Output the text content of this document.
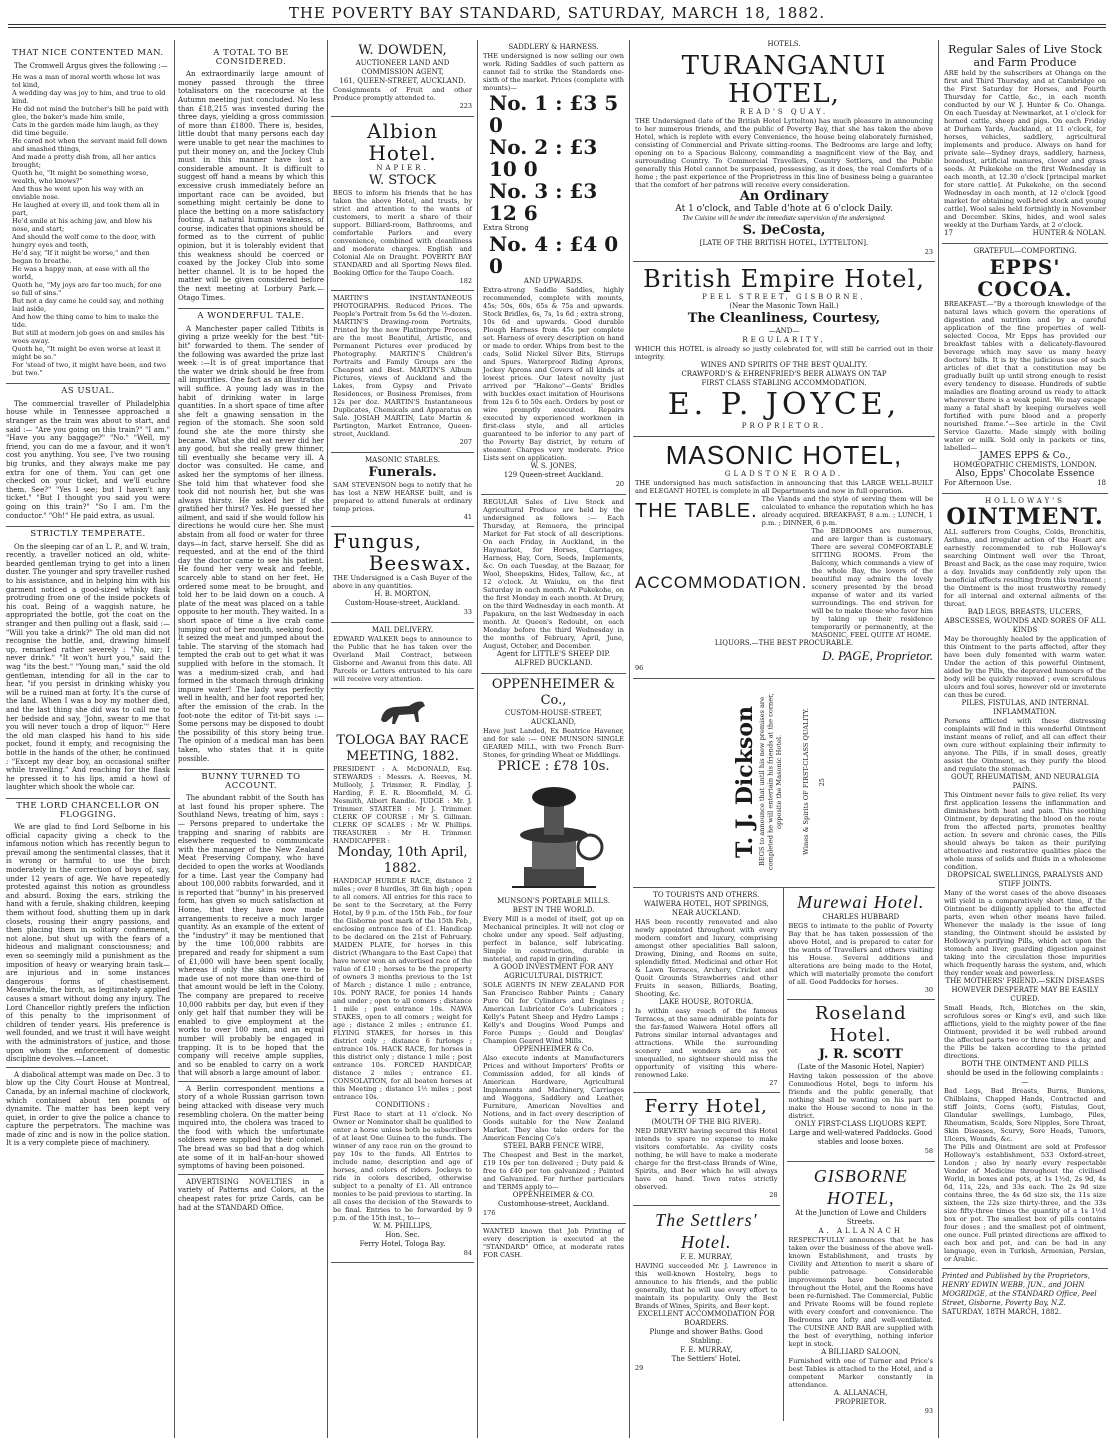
THE POVERTY BAY STANDARD, SATURDAY, MARCH 18, 1882.
THAT NICE CONTENTED MAN.

The Cromwell Argus gives the following :—

He was a man of moral worth whose lot was tol kind,
A wedding day was joy to him, and true to old kind.
He did not mind the butcher's bill he paid with glee, the baker's made him smile,
Cats in the garden made him laugh, as they did time beguile.
He cared not when the servant maid fell down and smashed things,
And made a pretty dish from, all her antics brought;
Quoth he, "It might be something worse, wealth, who knows?"
And thus he went upon his way with an enviable nose.
He laughed at every ill, and took them all in part,
He'd smile at his aching jaw, and blow his nose, and start;
And should the wolf come to the door, with hungry eyes and teeth,
He'd say, "If it might be worse," and then began to breathe.
He was a happy man, at ease with all the world,
Quoth he, "My joys are far too much, for one so full of sins."
But not a day came he could say, and nothing laid aside,
And how the thing came to him to make the tide.
But still at modern job goes on and smiles his woes away.
Quoth he, "It might be even worse at least it might be so."
For 'stead of two, it might have been, and two but two."
AS USUAL.

The commercial traveller of Philadelphia house while in Tennessee approached a stranger as the train was about to start, and said :— "Are you going on this train?" "I am." "Have you any baggage?" "No." "Well, my friend, you can do me a favour, and it won't cost you anything. You see, I've two rousing big trunks, and they always make me pay extra for one of them. You can get one checked on your ticket, and we'll euchre them. See?" "Yes I see; but I haven't any ticket." "But I thought you said you were going on this train?" "So I am. I'm the conductor." "Oh!" He paid extra, as usual.

STRICTLY TEMPERATE.

On the sleeping car of an L. P., and W. train, recently, a traveller noticed an old, white-bearded gentleman trying to get into a linen duster. The younger and spry traveller rushed to his assistance, and in helping him with his garment noticed a good-sized whisky flask protruding from one of the inside pockets of his coat. Being of a waggish nature, he appropriated the bottle, got the coat on the stranger and then pulling out a flask, said :— "Will you take a drink?" The old man did not recognise the bottle, and, drawing himself up, remarked rather severely : "No, sir; I never drink." "It won't hurt you," said the wag "its the best." "Young man," said the old gentleman, intending for all in the car to hear, "if you persist in drinking whisky you will be a ruined man at forty. It's the curse of the land. When I was a boy my mother died, and the last thing she did was to call me to her bedside and say, 'John, swear to me that you will never touch a drop of liquor.'" Here the old man clasped his hand to his side pocket, found it empty, and recognising the bottle in the hands of the other, he continued : "Except my dear boy, an occasional snifter while travelling." And reaching for the flask he pressed it to his lips, amid a howl of laughter which shook the whole car.

THE LORD CHANCELLOR ON FLOGGING.

We are glad to find Lord Selborne in his official capacity giving a check to the infamous notion which has recently begun to prevail among the sentimental classes, that it is wrong or harmful to use the birch moderately in the correction of boys of, say, under 12 years of age. We have repeatedly protested against this notion as groundless and absurd. Boxing the ears, striking the hand with a ferule, shaking children, keeping them without food, shutting them up in dark closets, rousing their angry passions, and then placing them in solitary confinement, not alone, but shut up with the fears of a hideous and malignant consciousness; and even so seemingly mild a punishment as the imposition of heavy or wearying brain task—are injurious and in some instances dangerous forms of chastisement. Meanwhile, the birch, as legitimately applied causes a smart without doing any injury. The Lord Chancellor rightly prefers the infliction of this penalty to the imprisonment of children of tender years. His preference is well founded, and we trust it will have weight with the administrators of justice, and those upon whom the enforcement of domestic discipline devolves.—Lancet.

A diabolical attempt was made on Dec. 3 to blow up the City Court House at Montreal, Canada, by an infernal machine of clockwork, which contained about ten pounds of dynamite. The matter has been kept very quiet, in order to give the police a chance to capture the perpetrators. The machine was made of zinc and is now in the police station. It is a very complete piece of machinery.

A TOTAL TO BE CONSIDERED.

An extraordinarily large amount of money passed through the three totalisators on the racecourse at the Autumn meeting just concluded. No less than £18,215 was invested during the three days, yielding a gross commission of more than £1800. There is, besides, little doubt that many persons each day were unable to get near the machines to put their money on, and the Jockey Club must in this manner have lost a considerable amount. It is difficult to suggest off hand a means by which this excessive crush immediately before an important race can be avoided, but something might certainly be done to place the betting on a more satisfactory footing. A natural human weakness, of course, indicates that opinions should be formed as to the current of public opinion, but it is tolerably evident that this weakness should be coerced or coaxed by the Jockey Club into some better channel. It is to be hoped the matter will be given considered before the next meeting at Lorbury Park.—Otago Times.

A WONDERFUL TALE.

A Manchester paper called Titbits is giving a prize weekly for the best "tit-bit" forwarded to them. The sender of the following was awarded the prize last week :—It is of great importance that the water we drink should be free from all impurities. One fact as an illustration will suffice. A young lady was in the habit of drinking water in large quantities. In a short space of time after she felt a gnawing sensation in the region of the stomach. She soon sold found she ate the more thirsty she became. What she did eat never did her any good, but she really grew thinner, till eventually she became very ill. A doctor was consulted. He came, and asked her the symptoms of her illness. She told him that whatever food she took did not nourish her, but she was always thirsty. He asked her if she gratified her thirst? Yes. He guessed her ailment, and said if she would follow his directions he would cure her. She must abstain from all food or water for three days—in fact, starve herself. She did as requested, and at the end of the third day the doctor came to see his patient. He found her very weak and feeble, scarcely able to stand on her feet. He ordered some meat to be brought, and told her to be laid down on a couch. A plate of the meat was placed on a table opposite to her mouth. They waited. In a short space of time a live crab came jumping out of her mouth, seeking food. It seized the meat and jumped about the table. The starving of the stomach had tempted the crab out to get what it was supplied with before in the stomach. It was a medium-sized crab, and had formed in the stomach through drinking impure water! The lady was perfectly well in health, and her foot reported her, after the emission of the crab. In the foot-note the editor of Tit-bit says :— Some persons may be disposed to doubt the possibility of this story being true. The opinion of a medical man has been taken, who states that it is quite possible.

BUNNY TURNED TO ACCOUNT.

The abundant rabbit of the South has at last found his proper sphere. The Southland News, treating of him, says :— Persons prepared to undertake the trapping and snaring of rabbits are elsewhere requested to communicate with the manager of the New Zealand Meat Preserving Company, who have decided to open the works at Woodlands for a time. Last year the Company had about 100,000 rabbits forwarded, and it is reported that "bunny" in his preserved form, has given so much satisfaction at Home, that they have now made arrangements to receive a much larger quantity. As an example of the extent of the "industry" it may be mentioned that by the time 100,000 rabbits are prepared and ready for shipment a sum of £1,000 will have been spent locally, whereas if only the skins were to be made use of not more than one-third of that amount would be left in the Colony. The company are prepared to receive 10,000 rabbits per day, but even if they only get half that number they will be enabled to give employment at the works to over 100 men, and an equal number will probably be engaged in trapping. It is to be hoped that the company will receive ample supplies, and so be enabled to carry on a work that will absorb a large amount of labor.

A Berlin correspondent mentions a story of a whole Russian garrison town being attacked with disease very much resembling cholera. On the matter being inquired into, the cholera was traced to the food with which the unfortunate soldiers were supplied by their colonel. The bread was so bad that a dog which ate some of it in half-an-hour showed symptoms of having been poisoned.

ADVERTISING NOVELTIES in a variety of Patterns and Colors, at the cheapest rates for prize Cards, can be had at the STANDARD Office.

W. DOWDEN,
AUCTIONEER LAND AND COMMISSION AGENT,
161, QUEEN-STREET, AUCKLAND.
Consignments of Fruit and other Produce promptly attended to.
223
Albion Hotel.
NAPIER.
W. STOCK
BEGS to inform his friends that he has taken the above Hotel, and trusts, by strict and attention to the wants of customers, to merit a share of their support. Billiard-room, Bathrooms, and comfortable Parlors and every convenience, combined with cleanliness and moderate charges. English and Colonial Ale on Draught. POVERTY BAY STANDARD and all Sporting News filed. Booking Office for the Taupo Coach.
182
MARTIN'S INSTANTANEOUS PHOTOGRAPHS. Reduced Prices. The People's Portrait from 5s 6d the ½-dozen. MARTIN'S Drawing-room Portraits, Printed by the new Platinotype Process, are the most Beautiful, Artistic, and Permanent Pictures ever produced by Photography. MARTIN'S Children's Portraits and Family Groups are the Cheapest and Best. MARTIN'S Album Pictures, views of Auckland and the Lakes, from Gypsy and Private Residences, or Business Premises, from 12s per doz. MARTIN'S Instantaneous Duplicates, Chemicals and Apparatus on Sale. JOSIAH MARTIN, Late Martin & Partington, Market Entrance, Queen-street, Auckland.
207
MASONIC STABLES.
Funerals.
SAM STEVENSON begs to notify that he has lost a NEW HEARSE built, and is prepared to attend funerals at ordinary temp prices.
41
Fungus,
Beeswax.
THE Undersigned is a Cash Buyer of the above in any quantities.
H. B. MORTON,
Custom-House-street, Auckland.
33
MAIL DELIVERY.
EDWARD WALKER begs to announce to the Public that he has taken over the Overland Mail Contract, between Gisborne and Awanui from this date. All Parcels or Letters entrusted to his care will receive very attention.
TOLOGA BAY RACE MEETING, 1882.
PRESIDENT : A. McDONALD, Esq. STEWARDS : Messrs. A. Reeves, M. Mullooly, J. Trimmer, R. Findlay, J. Harding, F. E. R. Bloomfield, M. G. Nesmith, Albert Randle. JUDGE : Mr. J. Trimmer. STARTER : Mr J. Trimmer. CLERK OF COURSE : Mr S. Gillman. CLERK OF SCALES : Mr W. Phillips. TREASURER : Mr H. Trimmer. HANDICAPPER :
Monday, 10th April, 1882.
HANDICAP HURDLE RACE, distance 2 miles ; over 8 hurdles, 3ft 6in high ; open to all comers. All entries for this race to be sent to the Secretary, at the Ferry Hotel, by 9 p.m. of the 15th Feb., for four the Gisborne post mark of the 15th Feb., enclosing entrance fee of £1. Handicap to be declared on the 21st of February. MAIDEN PLATE, for horses in this district (Whangara to the East Cape) that have never won an advertised race of the value of £10 ; horses to be the property of owners 3 months previous to the 1st of March ; distance 1 mile ; entrance, 10s. PONY RACE, for ponies 14 hands and under ; open to all comers ; distance 1 mile ; post entrance 10s. NAWA STAKES, open to all comers ; weight for age ; distance 2 miles ; entrance £1. FLYING STAKES, for horses in this district only ; distance 6 furlongs ; entrance 10s. HACK RACE, for horses in this district only ; distance 1 mile ; post entrance 10s. FORCED HANDICAP, distance 2 miles ; entrance £1. CONSOLATION, for all beaten horses at this Meeting ; distance 1½ miles ; post entrance 10s.
CONDITIONS :
First Race to start at 11 o'clock. No Owner or Nominator shall be qualified to enter a horse unless both be subscribers of at least One Guinea to the funds. The winner of any race run on the ground to pay 10s to the funds. All Entries to include name, description and age of horses, and colors of riders. Jockeys to ride in colors described, otherwise subject to a penalty of £1. All entrance monies to be paid previous to starting. In all cases the decision of the Stewards to be final. Entries to be forwarded by 9 p.m. of the 15th inst., to—
W. M. PHILLIPS,
Hon. Sec.
Ferry Hotel, Tologa Bay.
84
SADDLERY & HARNESS.
THE undersigned is now selling our own work. Riding Saddles of such pattern as cannot fail to strike the Standards one-sixth of the market. Prices (complete with mounts)—
No. 1 : £3 5 0
No. 2 : £3 10 0
No. 3 : £3 12 6
Extra Strong
No. 4 : £4 0 0
AND UPWARDS.
Extra-strong Saddle Saddles, highly recommended, complete with mounts, 45s; 50s, 60s, 65s & 75s and upwards. Stock Bridles, 6s, 7s, 1s 6d ; extra strong, 10s 6d and upwards. Good durable Plough Harness from 45s per complete set. Harness of every description on hand or made to order. Whips from best to the cads, Solid Nickel Silver Bits, Stirrups and Spurs. Waterproof Riding Aprons, Jockey Aprons and Covers of all kinds at lowest prices. Our latest novelty just arrived per "Hakono"—Gents' Bridles with buckles exact imitation of Hourisons from 12s 6 to 50s each. Orders by post or wire promptly executed. Repairs executed by experienced workmen in first-class style, and all articles guaranteed to be inferior to any part of the Poverty Bay district, by return of steamer. Charges very moderate. Price Lists sent on application.
W. S. JONES,
129 Queen-street Auckland.
20
REGULAR Sales of Live Stock and Agricultural Produce are held by the undersigned as follows :— Each Thursday, at Remuera, the principal Market for Fat stock of all descriptions. On each Friday, in Auckland, in the Haymarket, for Horses, Carriages, Harness, Hay, Corn, Seeds, Implements, &c. On each Tuesday, at the Bazaar, for Wool, Sheepskins, Hides, Tallow, &c., at 12 o'clock. At Waiuku, on the first Saturday in each month. At Pukekohe, on the first Monday in each month. At Drury, on the third Wednesday in each month. At Papakura, on the last Wednesday in each month. At Queen's Redoubt, on each Monday before the third Wednesday in the months of February, April, June, August, October, and December.
Agent for LITTLE'S SHEEP DIP.
ALFRED BUCKLAND.
OPPENHEIMER & Co.,
CUSTOM-HOUSE-STREET, AUCKLAND,
Have just Landed, Ex Beatrice Havener, and for sale :— ONE MUNSON SINGLE GEARED MILL, with two French Burr-Stones, for grinding Wheat or Middlings.
PRICE : £78 10s.
MUNSON'S PORTABLE MILLS.
BEST IN THE WORLD.
Every Mill is a model of itself, got up on Mechanical principles. It will not clog or choke under any speed. Self adjusting, perfect in balance, self lubricating. Simple in construction, durable in material, and rapid in grinding.
A GOOD INVESTMENT FOR ANY AGRICULTURAL DISTRICT.
SOLE AGENTS IN NEW ZEALAND FOR San Francisco Rubber Paints ; Canary Pure Oil for Cylinders and Engines ; American Lubricator Co's Lubricators ; Kelly's Patent Sheep and Hydro Lamps ; Kelly's and Dougins Wood Pumps and Force Pumps ; Gould and Douglas' Champion Geared Wind Mills.
OPPENHEIMER & Co.
Also execute indents at Manufacturers Prices and without Importers' Profits or Commission added, for all kinds of American Hardware, Agricultural Implements and Machinery, Carriages and Waggons, Saddlery and Leather, Furniture, American Novelties and Notions, and in fact every description of Goods suitable for the New Zealand Market. They also take orders for the American Fencing Co's
STEEL BARB FENCE WIRE,
The Cheapest and Best in the market, £19 10s per ton delivered ; Duty paid & free to £40 per ton galvanized ; Painted and Galvanized. For further particulars and TERMS apply to—
OPPENHEIMER & CO.
Customhouse-street, Auckland.
176
WANTED known that Job Printing of every description is executed at the "STANDARD" Office, at moderate rates FOR CASH.
HOTELS.
TURANGANUI HOTEL,
READ'S QUAY.
THE Undersigned (late of the British Hotel Lyttelton) has much pleasure in announcing to her numerous friends, and the public of Poverty Bay, that she has taken the above Hotel, which is replete with every Convenience, the house being elaborately furnished, consisting of Commercial and Private sitting-rooms. The Bedrooms are large and lofty, opening on to a Spacious Balcony, commanding a magnificent view of the Bay, and surrounding Country. To Commercial Travellers, Country Settlers, and the Public generally this Hotel cannot be surpassed, possessing, as it does, the real Comforts of a home ; the past experience of the Proprietress in this line of business being a guarantee that the comfort of her patrons will receive every consideration.
An Ordinary
At 1 o'clock, and Table d'hote at 6 o'clock Daily.
The Cuisine will be under the immediate supervision of the undersigned.
S. DeCosta,
[LATE OF THE BRITISH HOTEL, LYTTELTON].
23
British Empire Hotel,
PEEL STREET, GISBORNE,
(Near the Masonic Town Hall.)
The Cleanliness, Courtesy,
—AND—
REGULARITY,
WHICH this HOTEL is already so justly celebrated for, will still be carried out in their integrity.
WINES AND SPIRITS OF THE BEST QUALITY.
CRAWFORD'S & EHRENFRIED'S BEER ALWAYS ON TAP
FIRST CLASS STABLING ACCOMMODATION.
E. P. JOYCE,
PROPRIETOR.
MASONIC HOTEL,
GLADSTONE ROAD.
THE undersigned has much satisfaction in announcing that this LARGE WELL-BUILT and ELEGANT HOTEL is complete in all Departments and now in full operation.
THE TABLE.
The Viands and the style of serving them will be calculated to enhance the reputation which he has already acquired. BREAKFAST, 8 a.m. ; LUNCH, 1 p.m. ; DINNER, 6 p.m.
ACCOMMODATION.
The BEDROOMS are numerous, and are larger than is customary. There are several COMFORTABLE SITTING ROOMS. From the Balcony, which commands a view of the whole Bay, the lovers of the beautiful may admire the lovely scenery presented by the broad expanse of water and its varied surroundings. The end striven for will be to make those who favor him by taking up their residence temporarily or permanently, at the MASONIC, FEEL QUITE AT HOME.
LIQUORS.—THE BEST PROCURABLE.
D. PAGE, Proprietor.
96
T. J. Dickson BEGS to announce that until his new premises are completed he will entertain his friends at the corner, opposite the Masonic Hotel.	Wines & Spirits OF FIRST-CLASS QUALITY. 25
TO TOURISTS AND OTHERS.
WAIWERA HOTEL, HOT SPRINGS,
NEAR AUCKLAND.
HAS been recently renovated and also newly appointed throughout with every modern comfort and luxury, comprising amongst other specialities Ball saloon, Drawing, Dining, and Rooms en suite, splendidly fitted. Medicinal and other Hot & Lawn Terraces, Archery, Cricket and Quoit Grounds Strawberries and other Fruits in season, Billiards, Boating, Shooting, &c.
LAKE HOUSE, ROTORUA.
Is within easy reach of the famous Terraces, at the same admirable points for the far-famed Waiwera Hotel offers all Patrons similar internal advantages and attractions. While the surrounding scenery and wonders are as yet unequalled, no sightseer should miss the opportunity of visiting this where-renowned Lake.
27
Ferry Hotel,
(MOUTH OF THE BIG RIVER).
NED DREVERY having secured this Hotel intends to spare no expense to make visitors comfortable. As civility costs nothing, he will have to make a moderate charge for the first-class Brands of Wine, Spirits, and Beer which he will always have on hand. Town rates strictly observed.
28
The Settlers' Hotel.
F. E. MURRAY,
HAVING succeeded Mr. J. Lawrence in this well-known Hostelry, begs to announce to his friends, and the public generally, that he will use every effort to maintain its popularity. Only the Best Brands of Wines, Spirits, and Beer kept.
EXCELLENT ACCOMMODATION FOR BOARDERS.
Plunge and shower Baths. Good Stabling.
F. E. MURRAY,
The Settlers' Hotel.
29
Murewai Hotel.
CHARLES HUBBARD
BEGS to intimate to the public of Poverty Bay that he has taken possession of the above Hotel, and is prepared to cater for the wants of Travellers and others visiting his House. Several additions and alterations are being made to the Hotel, which will materially promote the comfort of all. Good Paddocks for horses.
30
Roseland Hotel.
J. R. SCOTT
(Late of the Masonic Hotel, Napier)
Having taken possession of the above Commodious Hotel, begs to inform his friends and the public generally, that nothing shall be wanting on his part to make the House second to none in the district.
ONLY FIRST-CLASS LIQUORS KEPT.
Large and well-watered Paddocks. Good stables and loose boxes.
58
GISBORNE HOTEL,
At the Junction of Lowe and Childers Streets.
A. ALLANACH
RESPECTFULLY announces that he has taken over the business of the above well-known Establishment, and trusts by Civility and Attention to merit a share of public patronage. Considerable improvements have been executed throughout the Hotel, and the Rooms have been re-furnished. The Commercial, Public and Private Rooms will be found replete with every comfort and convenience. The Bedrooms are lofty and well-ventilated. The CUISINE AND BAR are supplied with the best of everything, nothing inferior kept in stock.
A BILLIARD SALOON,
Furnished with one of Turner and Price's best Tables is attached to the Hotel, and a competent Marker constantly in attendance.
A. ALLANACH,
PROPRIETOR.
93
Regular Sales of Live Stock and Farm Produce
ARE held by the subscribers at Ohanga on the first and Third Thursday, and at Cambridge on the First Saturday for Horses, and Fourth Thursday for Cattle, &c., in each month conducted by our W. J. Hunter & Co. Ohanga. On each Tuesday at Newmarket, at 1 o'clock for horned cattle, sheep and pigs. On each Friday at Durham Yards, Auckland, at 11 o'clock, for horses, vehicles, saddlery, agricultural implements and produce. Always on hand for private sale—Sydney drays, saddlery, harness, bonedust, artificial manures, clover and grass seeds. At Pukekohe on the first Wednesday in each month, at 12.30 o'clock [principal market for store cattle]. At Pukekohe, on the second Wednesday in each month, at 12 o'clock [good market for obtaining well-bred stock and young cattle]. Wool sales held fortnightly in November and December. Skins, hides, and wool sales weekly at the Durham Yards, at 2 o'clock.
17	HUNTER & NOLAN.
GRATEFUL—COMFORTING.
EPPS' COCOA.
BREAKFAST.—"By a thorough knowledge of the natural laws which govern the operations of digestion and nutrition and by a careful application of the fine properties of well-selected Cocoa, Mr Epps has provided our breakfast tables with a delicately-flavoured beverage which may save us many heavy doctors' bills. It is by the judicious use of such articles of diet that a constitution may be gradually built up until strong enough to resist every tendency to disease. Hundreds of subtle maladies are floating around us ready to attack wherever there is a weak point. We may escape many a fatal shaft by keeping ourselves well fortified with pure blood and a properly nourished frame."—See article in the Civil Service Gazette. Made simply with boiling water or milk. Sold only in packets or tins, labelled—
JAMES EPPS & Co.,
HOMŒOPATHIC CHEMISTS, LONDON.
Also, Epps' Chocolate Essence
For Afternoon Use.	18
HOLLOWAY'S
OINTMENT.
ALL sufferers from Coughs, Colds, Bronchitis, Asthma, and irregular action of the Heart are earnestly recommended to rub Holloway's searching Ointment well over the Throat, Breast and Back, as the case may require, twice a day. Invalids may confidently rely upon the beneficial effects resulting from this treatment ; the Ointment is the most trustworthy remedy for all internal and external ailments of the throat.
BAD LEGS, BREASTS, ULCERS, ABSCESSES, WOUNDS AND SORES OF ALL KINDS
May be thoroughly healed by the application of this Ointment to the parts affected, after they have been duly fomented with warm water. Under the action of this powerful Ointment, aided by the Pills, the depraved humours of the body will be quickly removed ; even scrofulous ulcers and foul sores, however old or inveterate can thus be cured.
PILES, FISTULAS, AND INTERNAL INFLAMMATION.
Persons afflicted with these distressing complaints will find in this wonderful Ointment instant means of relief, and all can effect their own cure without explaining their infirmity to anyone. The Pills, if in small doses, greatly assist the Ointment, as they purify the blood and regulate the stomach.
GOUT, RHEUMATISM, AND NEURALGIA PAINS.
This Ointment never fails to give relief. Its very first application lessens the inflammation and diminishes both heat and pain. This soothing Ointment, by depurating the blood on the route from the affected parts, promotes healthy action. In severe and chronic cases, the Pills should always be taken as their purifying attenuative and restorative qualities place the whole mass of solids and fluids in a wholesome condition.
DROPSICAL SWELLINGS, PARALYSIS AND STIFF JOINTS.
Many of the worst cases of the above diseases will yield in a comparatively short time, if the Ointment be diligently applied to the affected parts, even when other means have failed. Whenever the malady is the issue of long standing, the Ointment should be assisted by Holloway's purifying Pills, which act upon the stomach and liver, guarding digestion against taking into the circulation those impurities which frequently harass the system, and, which they render weak and powerless.
THE MOTHERS' FRIEND.—SKIN DISEASES HOWEVER DESPERATE MAY BE EASILY CURED.
Small Heads, Itch, Blotches on the skin, scrofulous sores or King's evil, and such like afflictions, yield to the mighty power of the fine Ointment, provided it be well rubbed around the affected parts two or three times a day, and the Pills be taken according to the printed directions.
BOTH THE OINTMENT AND PILLS
should be used in the following complaints :—
Bad Legs, Bad Breasts, Burns, Bunions, Chilblains, Chapped Hands, Contracted and stiff Joints, Corns (soft), Fistulas, Gout, Glandular swellings, Lumbago, Piles, Rheumatism, Scalds, Sore Nipples, Sore Throat, Skin Diseases, Scurvy, Sore Heads, Tumors, Ulcers, Wounds, &c.
The Pills and Ointment are sold at Professor Holloway's establishment, 533 Oxford-street, London ; also by nearly every respectable Vendor of Medicine throughout the civilised World, in boxes and pots, at 1s 1½d, 2s 9d, 4s 6d, 11s, 22s, and 33s each. The 2s 9d size contains three, the 4s 6d size six, the 11s size sixteen, the 22s size thirty-three, and the 33s size fifty-three times the quantity of a 1s 1½d box or pot. The smallest box of pills contains four doses ; and the smallest pot of ointment, one ounce. Full printed directions are affixed to each box and pot, and can be had in any language, even in Turkish, Armenian, Persian, or Arabic.
Printed and Published by the Proprietors, HENRY EDWIN WEBB, JUN., and JOHN MOGRIDGE, at the STANDARD Office, Peel Street, Gisborne, Poverty Bay, N.Z.
SATURDAY, 18TH MARCH, 1882.
